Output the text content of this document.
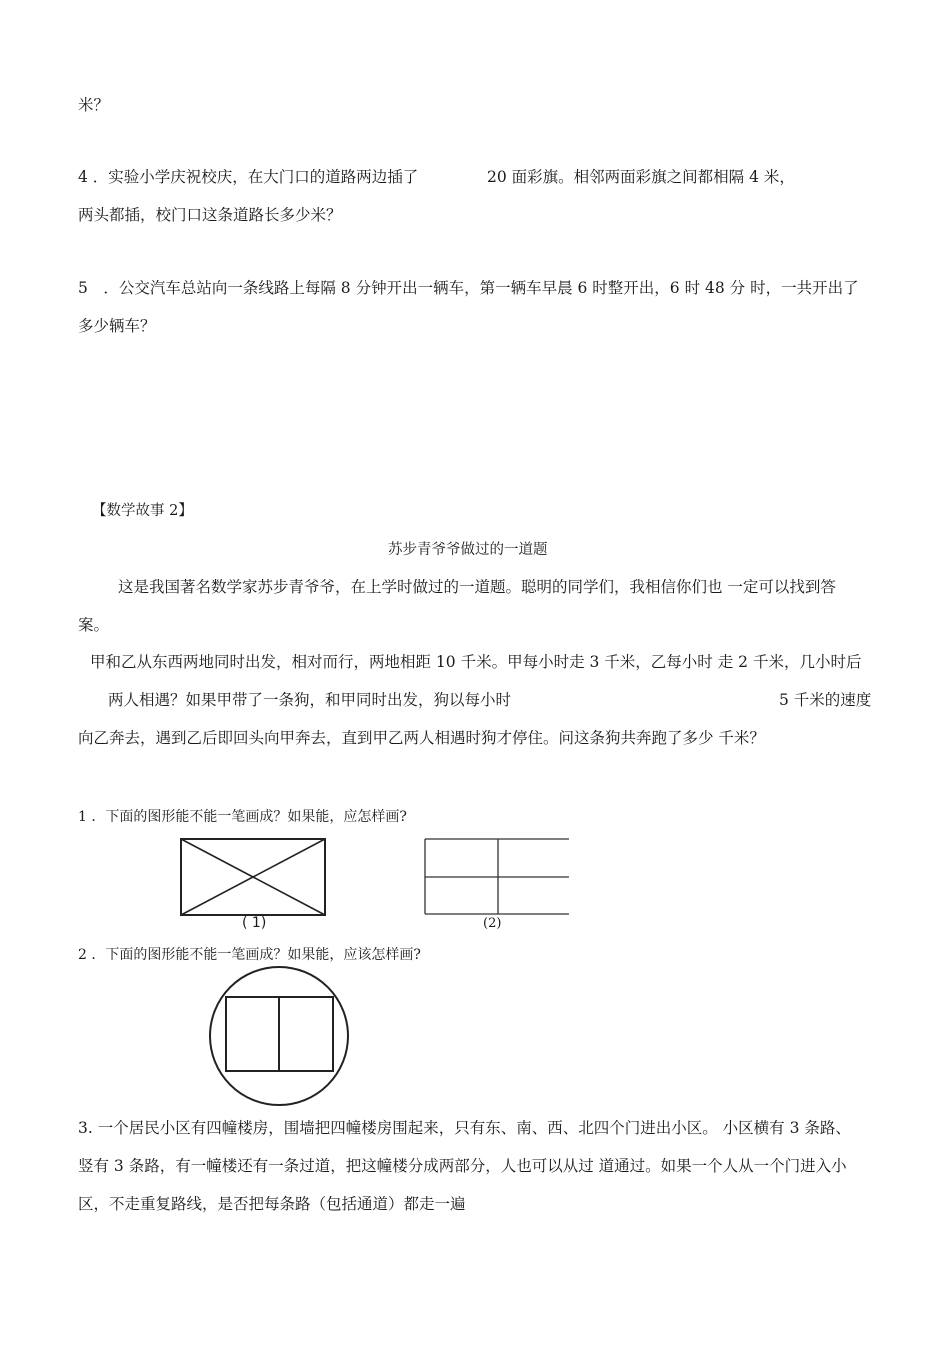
米？
4 ．实验小学庆祝校庆，在大门口的道路两边插了	20 面彩旗。相邻两面彩旗之间都相隔 4 米，
两头都插，校门口这条道路长多少米？
5　．公交汽车总站向一条线路上每隔 8 分钟开出一辆车，第一辆车早晨 6 时整开出，6 时 48 分 时，一共开出了
多少辆车？
【数学故事 2】
苏步青爷爷做过的一道题
这是我国著名数学家苏步青爷爷，在上学时做过的一道题。聪明的同学们，我相信你们也 一定可以找到答
案。
甲和乙从东西两地同时出发，相对而行，两地相距 10 千米。甲每小时走 3 千米，乙每小时 走 2 千米，几小时后
两人相遇？如果甲带了一条狗，和甲同时出发，狗以每小时	5 千米的速度
向乙奔去，遇到乙后即回头向甲奔去，直到甲乙两人相遇时狗才停住。问这条狗共奔跑了多少 千米？
1 ．下面的图形能不能一笔画成？如果能，应怎样画?
( 1)	(2)
2 ．下面的图形能不能一笔画成？如果能，应该怎样画?
3. 一个居民小区有四幢楼房，围墙把四幢楼房围起来，只有东、南、西、北四个门进出小区。 小区横有 3 条路、
竖有 3 条路，有一幢楼还有一条过道，把这幢楼分成两部分，人也可以从过 道通过。如果一个人从一个门进入小
区，不走重复路线，是否把每条路（包括通道）都走一遍
